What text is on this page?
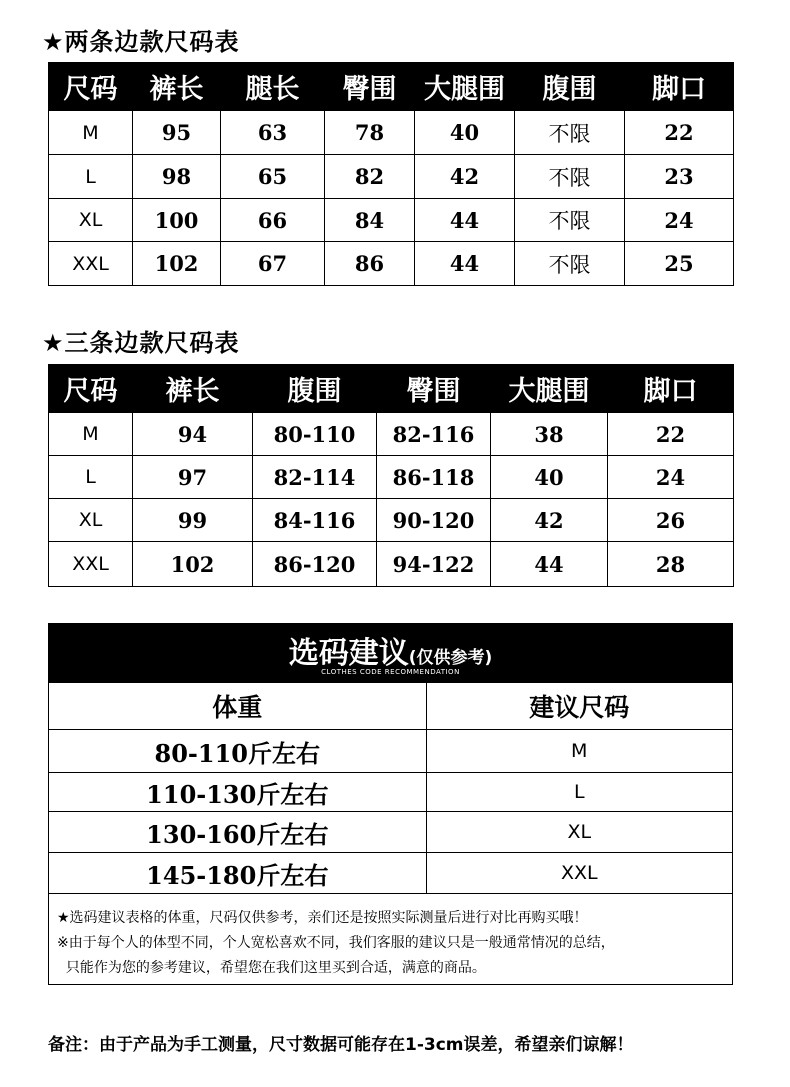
★两条边款尺码表
尺码	裤长	腿长	臀围	大腿围	腹围	脚口
M	95	63	78	40	不限	22
L	98	65	82	42	不限	23
XL	100	66	84	44	不限	24
XXL	102	67	86	44	不限	25
★三条边款尺码表
尺码	裤长	腹围	臀围	大腿围	脚口
M	94	80-110	82-116	38	22
L	97	82-114	86-118	40	24
XL	99	84-116	90-120	42	26
XXL	102	86-120	94-122	44	28
选码建议(仅供参考)
CLOTHES CODE RECOMMENDATION
体重	建议尺码
80-110斤左右	M
110-130斤左右	L
130-160斤左右	XL
145-180斤左右	XXL
★选码建议表格的体重，尺码仅供参考，亲们还是按照实际测量后进行对比再购买哦！
※由于每个人的体型不同，个人宽松喜欢不同，我们客服的建议只是一般通常情况的总结，
只能作为您的参考建议，希望您在我们这里买到合适，满意的商品。
备注：由于产品为手工测量，尺寸数据可能存在1-3cm误差，希望亲们谅解！
